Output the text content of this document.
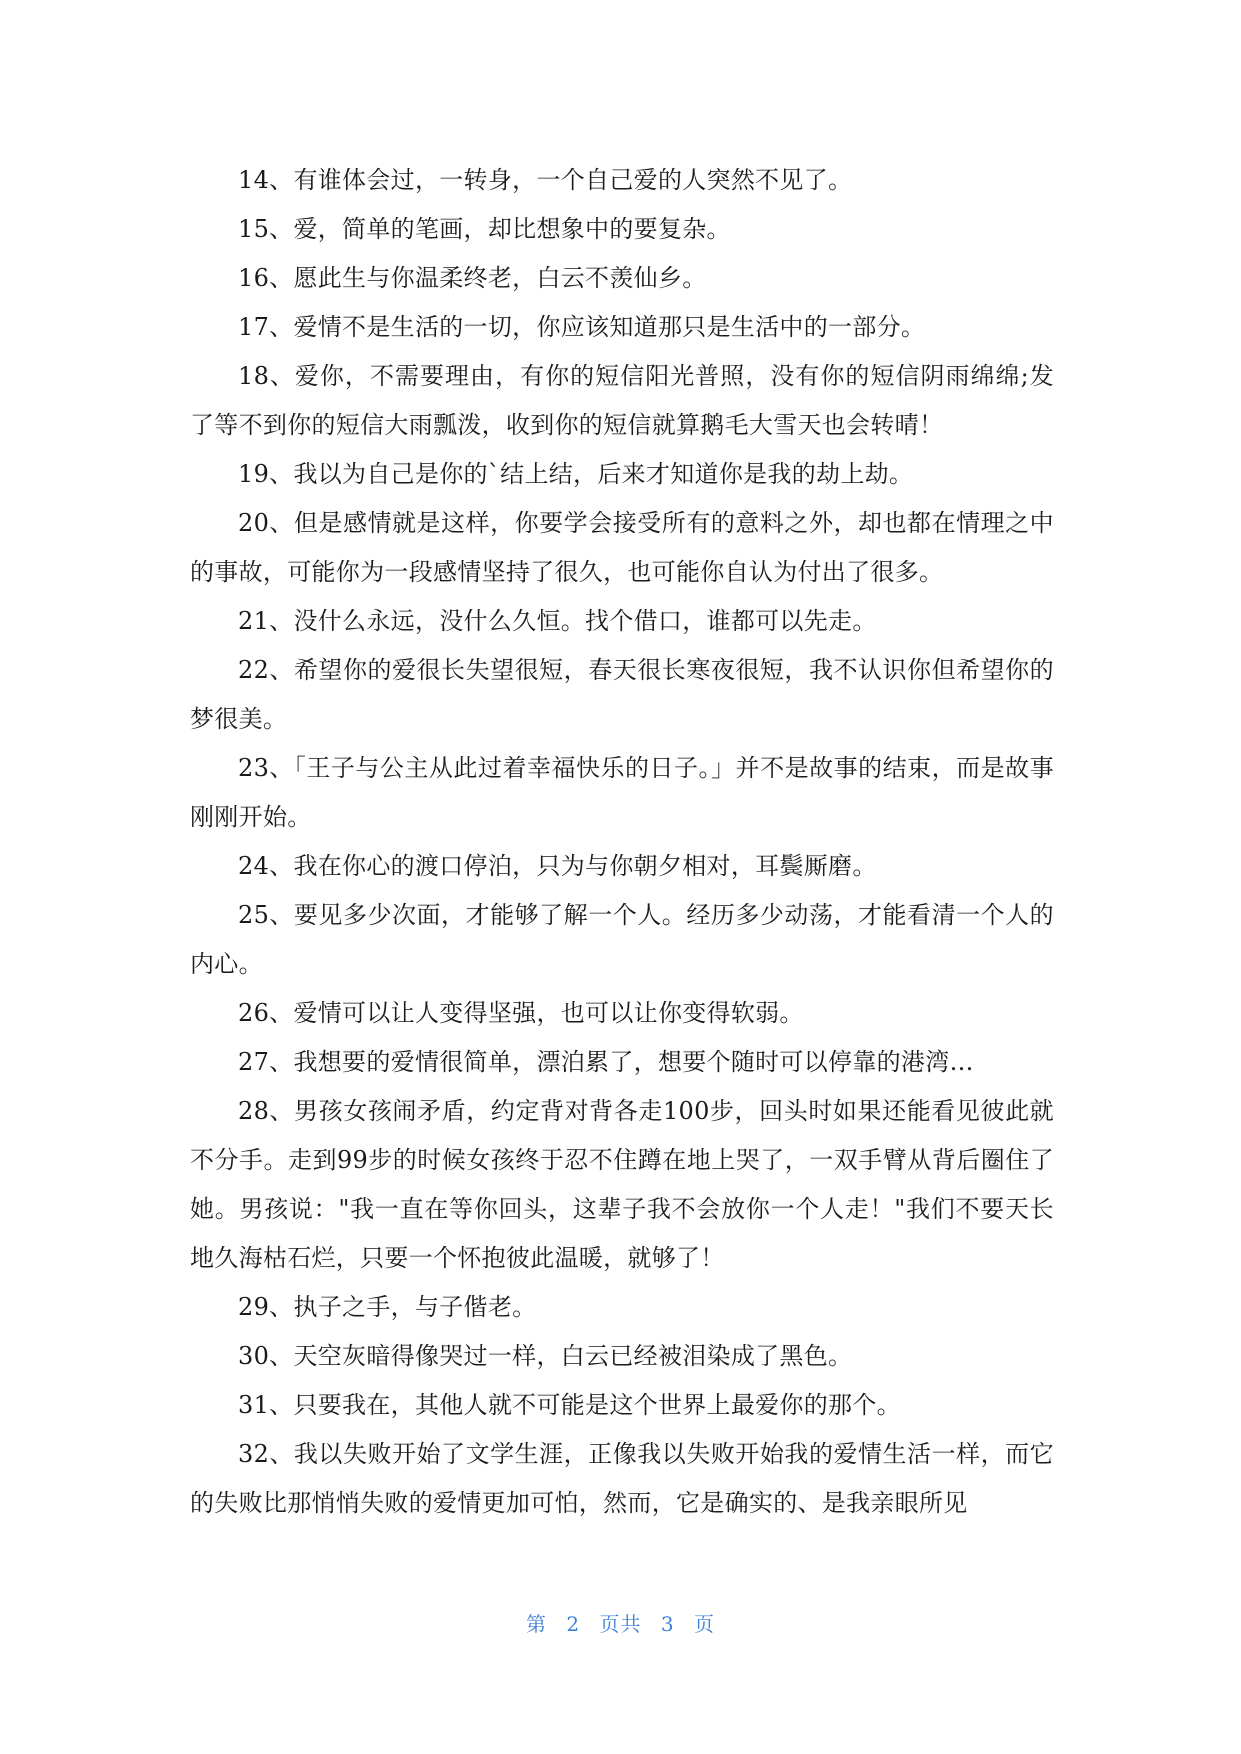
14、有谁体会过，一转身，一个自己爱的人突然不见了。

15、爱，简单的笔画，却比想象中的要复杂。

16、愿此生与你温柔终老，白云不羡仙乡。

17、爱情不是生活的一切，你应该知道那只是生活中的一部分。

18、爱你，不需要理由，有你的短信阳光普照，没有你的短信阴雨绵绵;发了等不到你的短信大雨瓢泼，收到你的短信就算鹅毛大雪天也会转晴！

19、我以为自己是你的`结上结，后来才知道你是我的劫上劫。

20、但是感情就是这样，你要学会接受所有的意料之外，却也都在情理之中的事故，可能你为一段感情坚持了很久，也可能你自认为付出了很多。

21、没什么永远，没什么久恒。找个借口，谁都可以先走。

22、希望你的爱很长失望很短，春天很长寒夜很短，我不认识你但希望你的梦很美。

23、「王子与公主从此过着幸福快乐的日子。」并不是故事的结束，而是故事刚刚开始。

24、我在你心的渡口停泊，只为与你朝夕相对，耳鬓厮磨。

25、要见多少次面，才能够了解一个人。经历多少动荡，才能看清一个人的内心。

26、爱情可以让人变得坚强，也可以让你变得软弱。

27、我想要的爱情很简单，漂泊累了，想要个随时可以停靠的港湾…

28、男孩女孩闹矛盾，约定背对背各走100步，回头时如果还能看见彼此就不分手。走到99步的时候女孩终于忍不住蹲在地上哭了，一双手臂从背后圈住了她。男孩说："我一直在等你回头，这辈子我不会放你一个人走！"我们不要天长地久海枯石烂，只要一个怀抱彼此温暖，就够了！

29、执子之手，与子偕老。

30、天空灰暗得像哭过一样，白云已经被泪染成了黑色。

31、只要我在，其他人就不可能是这个世界上最爱你的那个。

32、我以失败开始了文学生涯，正像我以失败开始我的爱情生活一样，而它的失败比那悄悄失败的爱情更加可怕，然而，它是确实的、是我亲眼所见

第 2 页共 3 页
